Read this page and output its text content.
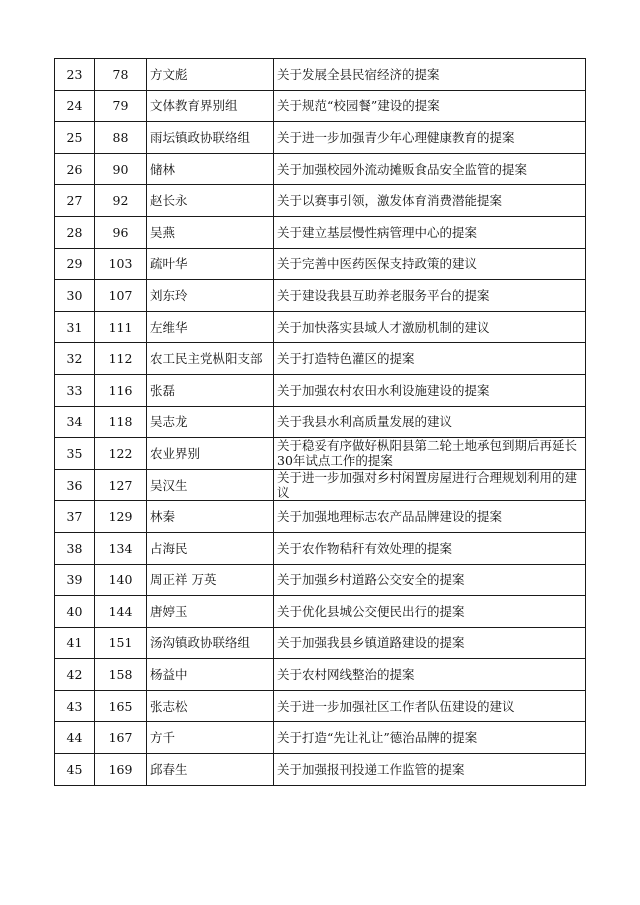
23	78	方文彪	关于发展全县民宿经济的提案
24	79	文体教育界别组	关于规范“校园餐”建设的提案
25	88	雨坛镇政协联络组	关于进一步加强青少年心理健康教育的提案
26	90	储林	关于加强校园外流动摊贩食品安全监管的提案
27	92	赵长永	关于以赛事引领，激发体育消费潜能提案
28	96	吴燕	关于建立基层慢性病管理中心的提案
29	103	疏叶华	关于完善中医药医保支持政策的建议
30	107	刘东玲	关于建设我县互助养老服务平台的提案
31	111	左维华	关于加快落实县域人才激励机制的建议
32	112	农工民主党枞阳支部	关于打造特色灌区的提案
33	116	张磊	关于加强农村农田水利设施建设的提案
34	118	吴志龙	关于我县水利高质量发展的建议
35	122	农业界别	关于稳妥有序做好枞阳县第二轮土地承包到期后再延长30年试点工作的提案
36	127	吴汉生	关于进一步加强对乡村闲置房屋进行合理规划利用的建议
37	129	林秦	关于加强地理标志农产品品牌建设的提案
38	134	占海民	关于农作物秸秆有效处理的提案
39	140	周正祥 万英	关于加强乡村道路公交安全的提案
40	144	唐婷玉	关于优化县城公交便民出行的提案
41	151	汤沟镇政协联络组	关于加强我县乡镇道路建设的提案
42	158	杨益中	关于农村网线整治的提案
43	165	张志松	关于进一步加强社区工作者队伍建设的建议
44	167	方千	关于打造“先让礼让”德治品牌的提案
45	169	邱春生	关于加强报刊投递工作监管的提案
